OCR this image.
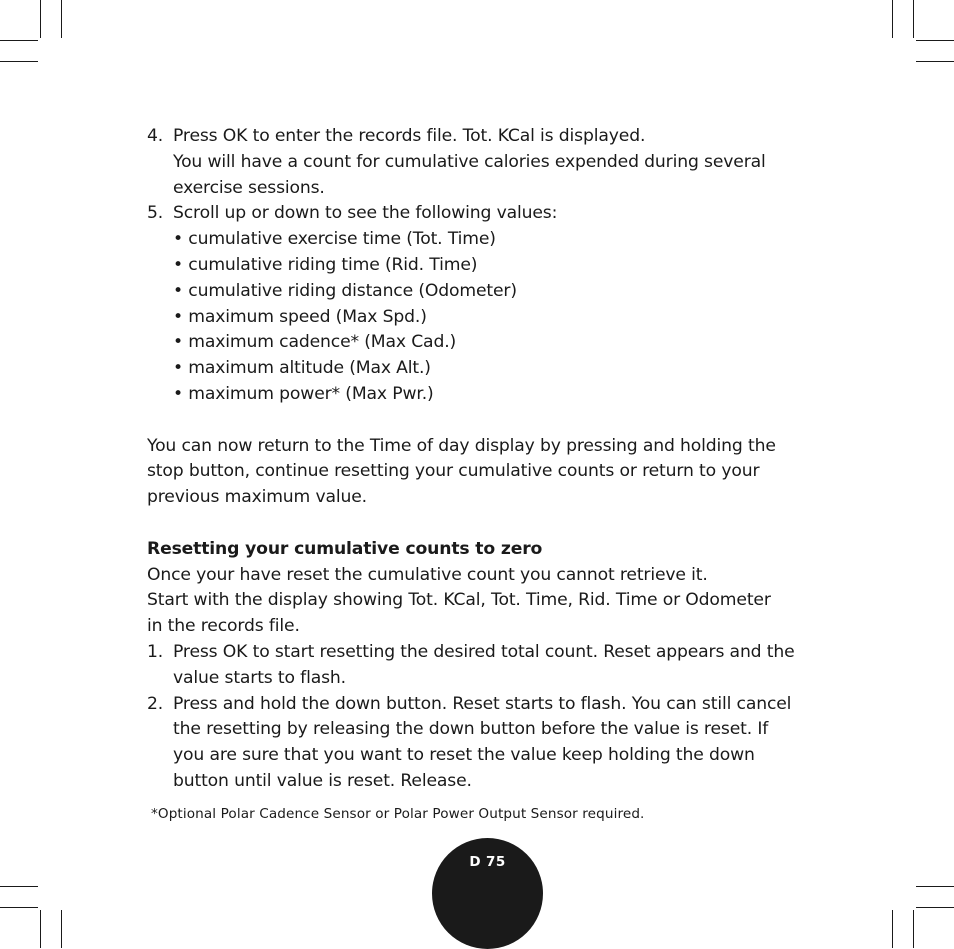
4. Press OK to enter the records file. Tot. KCal is displayed.
You will have a count for cumulative calories expended during several
exercise sessions.
5. Scroll up or down to see the following values:
• cumulative exercise time (Tot. Time)
• cumulative riding time (Rid. Time)
• cumulative riding distance (Odometer)
• maximum speed (Max Spd.)
• maximum cadence* (Max Cad.)
• maximum altitude (Max Alt.)
• maximum power* (Max Pwr.)
You can now return to the Time of day display by pressing and holding the
stop button, continue resetting your cumulative counts or return to your
previous maximum value.
Resetting your cumulative counts to zero
Once your have reset the cumulative count you cannot retrieve it.
Start with the display showing Tot. KCal, Tot. Time, Rid. Time or Odometer
in the records file.
1. Press OK to start resetting the desired total count. Reset appears and the
value starts to flash.
2. Press and hold the down button. Reset starts to flash. You can still cancel
the resetting by releasing the down button before the value is reset. If
you are sure that you want to reset the value keep holding the down
button until value is reset. Release.
*Optional Polar Cadence Sensor or Polar Power Output Sensor required.
D 75
